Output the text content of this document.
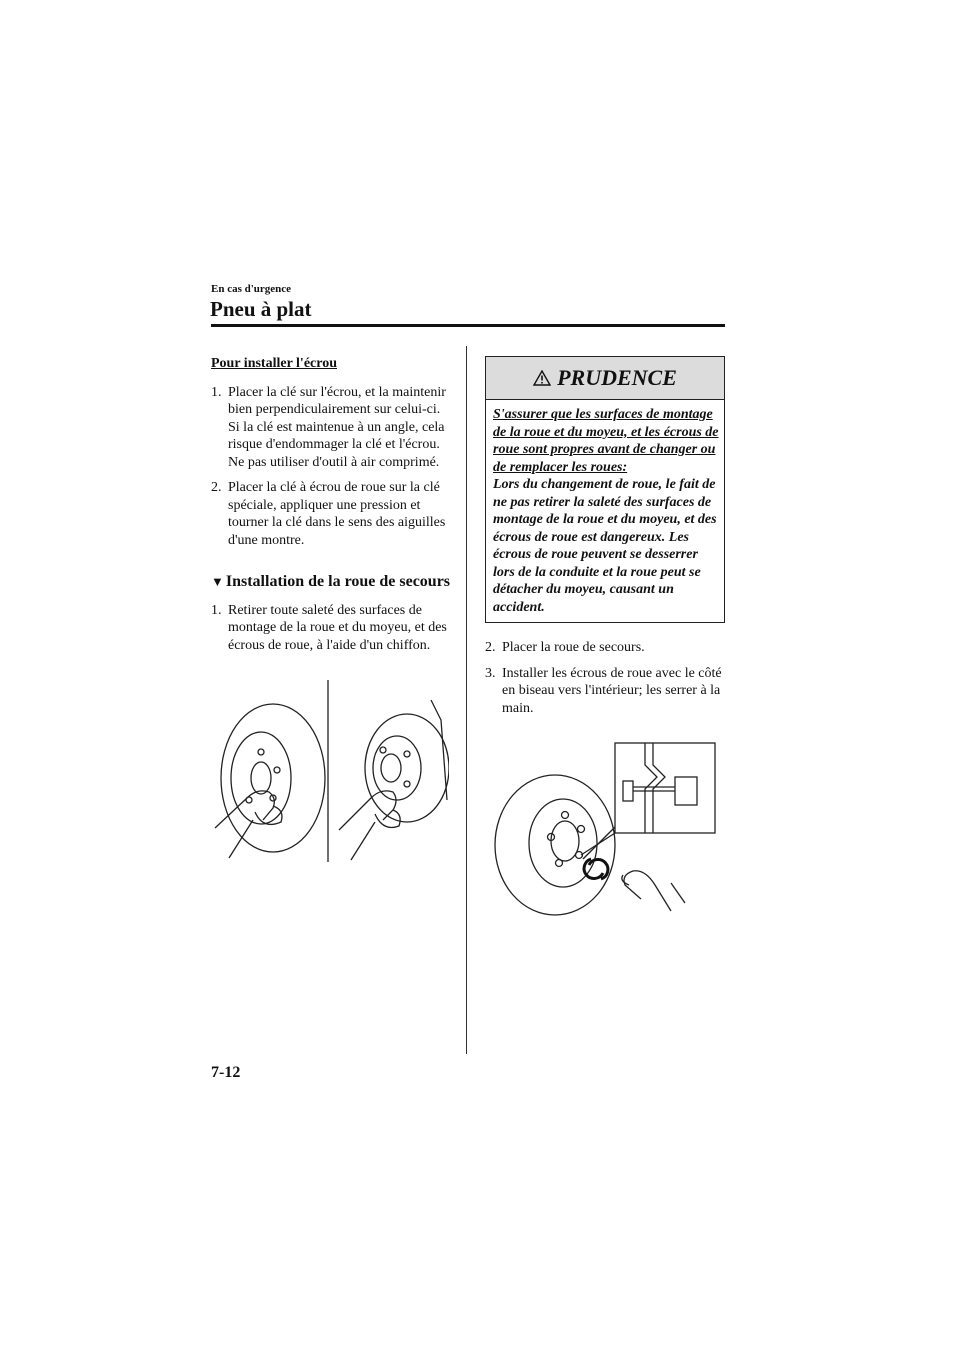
En cas d'urgence
Pneu à plat
Pour installer l'écrou
1. Placer la clé sur l'écrou, et la maintenir bien perpendiculairement sur celui-ci. Si la clé est maintenue à un angle, cela risque d'endommager la clé et l'écrou. Ne pas utiliser d'outil à air comprimé.
2. Placer la clé à écrou de roue sur la clé spéciale, appliquer une pression et tourner la clé dans le sens des aiguilles d'une montre.
▼ Installation de la roue de secours
1. Retirer toute saleté des surfaces de montage de la roue et du moyeu, et des écrous de roue, à l'aide d'un chiffon.
PRUDENCE
S'assurer que les surfaces de montage de la roue et du moyeu, et les écrous de roue sont propres avant de changer ou de remplacer les roues:
Lors du changement de roue, le fait de ne pas retirer la saleté des surfaces de montage de la roue et du moyeu, et des écrous de roue est dangereux. Les écrous de roue peuvent se desserrer lors de la conduite et la roue peut se détacher du moyeu, causant un accident.
2. Placer la roue de secours.
3. Installer les écrous de roue avec le côté en biseau vers l'intérieur; les serrer à la main.
7-12
